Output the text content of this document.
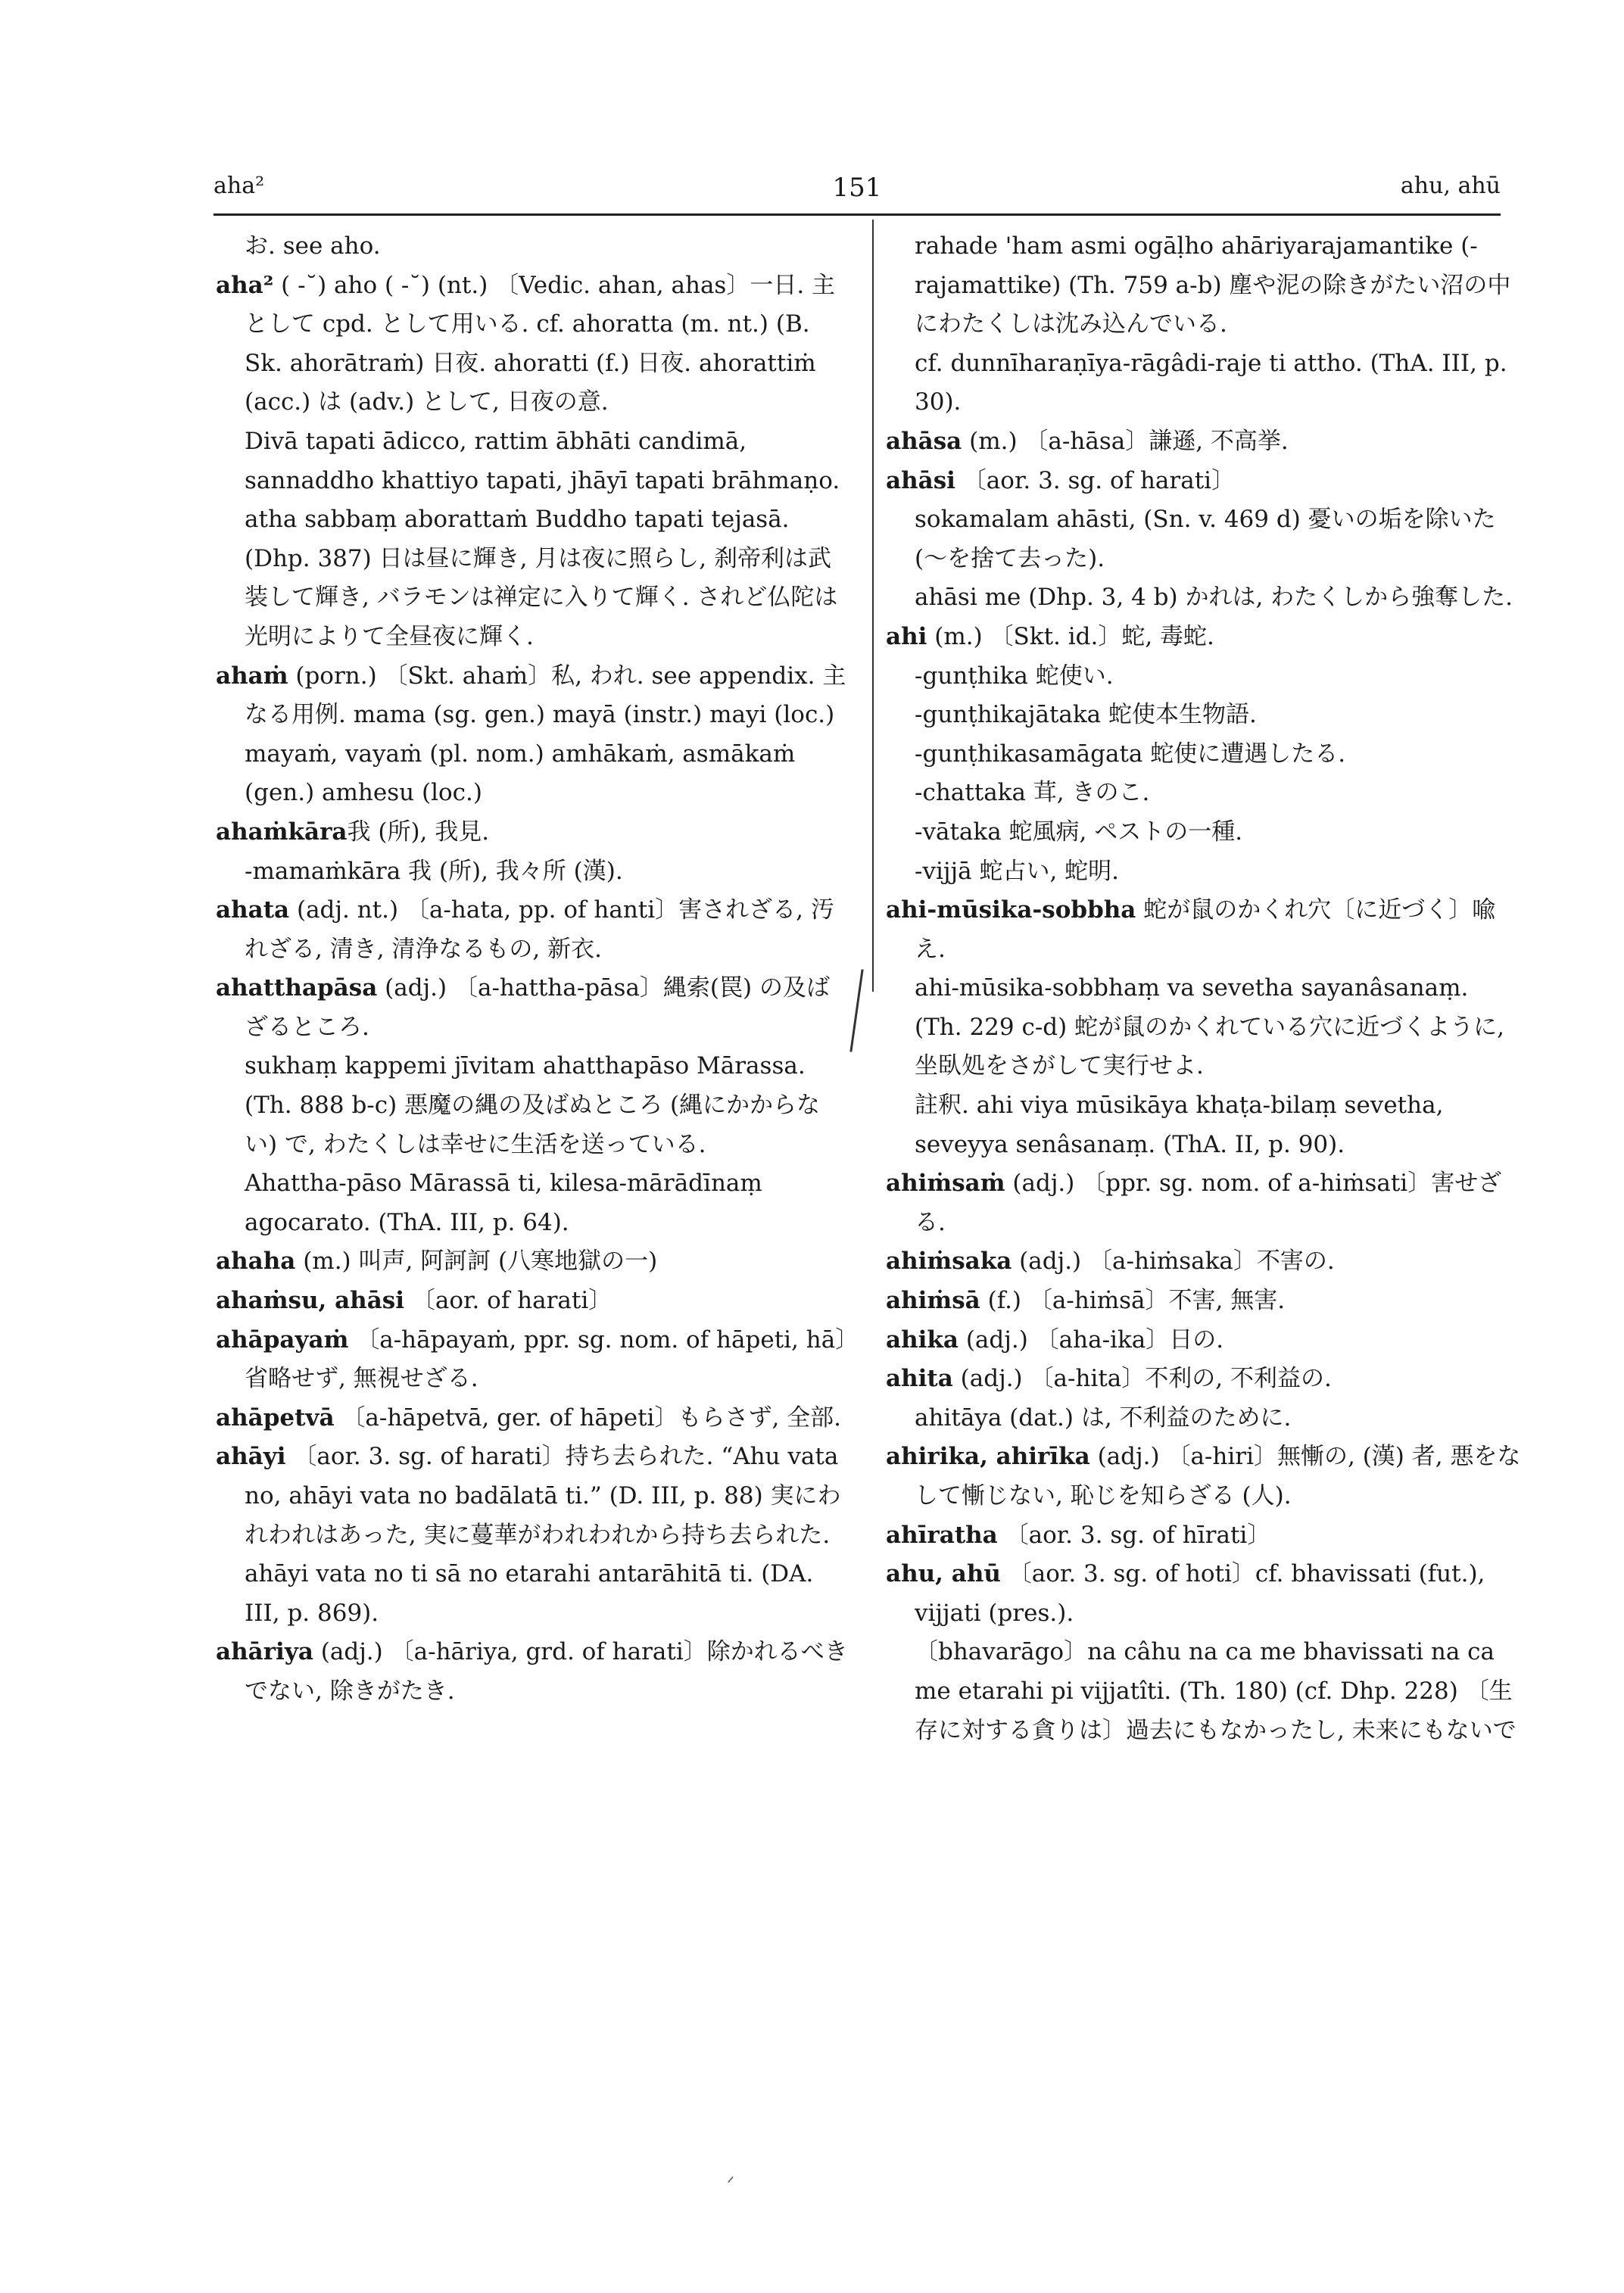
aha²	151	ahu, ahū

お. see aho.

aha² ( -˘) aho ( -˘) (nt.) 〔Vedic. ahan, ahas〕一日. 主として cpd. として用いる. cf. ahoratta (m. nt.) (B. Sk. ahorātraṁ) 日夜. ahoratti (f.) 日夜. ahorattiṁ (acc.) は (adv.) として, 日夜の意.

Divā tapati ādicco, rattim ābhāti candimā, sannaddho khattiyo tapati, jhāyī tapati brāhmaṇo. atha sabbaṃ aborattaṁ Buddho tapati tejasā. (Dhp. 387) 日は昼に輝き, 月は夜に照らし, 刹帝利は武装して輝き, バラモンは禅定に入りて輝く. されど仏陀は光明によりて全昼夜に輝く.

ahaṁ (porn.) 〔Skt. ahaṁ〕私, われ. see appendix. 主なる用例. mama (sg. gen.) mayā (instr.) mayi (loc.) mayaṁ, vayaṁ (pl. nom.) amhākaṁ, asmākaṁ (gen.) amhesu (loc.)

ahaṁkāra我 (所), 我見.

-mamaṁkāra 我 (所), 我々所 (漢).

ahata (adj. nt.) 〔a-hata, pp. of hanti〕害されざる, 汚れざる, 清き, 清浄なるもの, 新衣.

ahatthapāsa (adj.) 〔a-hattha-pāsa〕縄索(罠) の及ばざるところ.

sukhaṃ kappemi jīvitam ahatthapāso Mārassa. (Th. 888 b-c) 悪魔の縄の及ばぬところ (縄にかからない) で, わたくしは幸せに生活を送っている.

Ahattha-pāso Mārassā ti, kilesa-mārādīnaṃ agocarato. (ThA. III, p. 64).

ahaha (m.) 叫声, 阿訶訶 (八寒地獄の一)

ahaṁsu, ahāsi 〔aor. of harati〕

ahāpayaṁ 〔a-hāpayaṁ, ppr. sg. nom. of hāpeti, hā〕省略せず, 無視せざる.

ahāpetvā 〔a-hāpetvā, ger. of hāpeti〕もらさず, 全部.

ahāyi 〔aor. 3. sg. of harati〕持ち去られた. “Ahu vata no, ahāyi vata no badālatā ti.” (D. III, p. 88) 実にわれわれはあった, 実に蔓華がわれわれから持ち去られた. ahāyi vata no ti sā no etarahi antarāhitā ti. (DA. III, p. 869).

ahāriya (adj.) 〔a-hāriya, grd. of harati〕除かれるべきでない, 除きがたき.

rahade 'ham asmi ogāḷho ahāriyarajamantike (-rajamattike) (Th. 759 a-b) 塵や泥の除きがたい沼の中にわたくしは沈み込んでいる.

cf. dunnīharaṇīya-rāgâdi-raje ti attho. (ThA. III, p. 30).

ahāsa (m.) 〔a-hāsa〕謙遜, 不高挙.

ahāsi 〔aor. 3. sg. of harati〕

sokamalam ahāsti, (Sn. v. 469 d) 憂いの垢を除いた (〜を捨て去った).

ahāsi me (Dhp. 3, 4 b) かれは, わたくしから強奪した.

ahi (m.) 〔Skt. id.〕蛇, 毒蛇.

-gunṭhika 蛇使い.

-gunṭhikajātaka 蛇使本生物語.

-gunṭhikasamāgata 蛇使に遭遇したる.

-chattaka 茸, きのこ.

-vātaka 蛇風病, ペストの一種.

-vijjā 蛇占い, 蛇明.

ahi-mūsika-sobbha 蛇が鼠のかくれ穴〔に近づく〕喩え.

ahi-mūsika-sobbhaṃ va sevetha sayanâsanaṃ. (Th. 229 c-d) 蛇が鼠のかくれている穴に近づくように, 坐臥処をさがして実行せよ.

註釈. ahi viya mūsikāya khaṭa-bilaṃ sevetha, seveyya senâsanaṃ. (ThA. II, p. 90).

ahiṁsaṁ (adj.) 〔ppr. sg. nom. of a-hiṁsati〕害せざる.

ahiṁsaka (adj.) 〔a-hiṁsaka〕不害の.

ahiṁsā (f.) 〔a-hiṁsā〕不害, 無害.

ahika (adj.) 〔aha-ika〕日の.

ahita (adj.) 〔a-hita〕不利の, 不利益の.

ahitāya (dat.) は, 不利益のために.

ahirika, ahirīka (adj.) 〔a-hiri〕無慚の, (漢) 者, 悪をなして慚じない, 恥じを知らざる (人).

ahīratha 〔aor. 3. sg. of hīrati〕

ahu, ahū 〔aor. 3. sg. of hoti〕cf. bhavissati (fut.), vijjati (pres.).

〔bhavarāgo〕na câhu na ca me bhavissati na ca me etarahi pi vijjatîti. (Th. 180) (cf. Dhp. 228) 〔生存に対する貪りは〕過去にもなかったし, 未来にもないで

ᐟ
